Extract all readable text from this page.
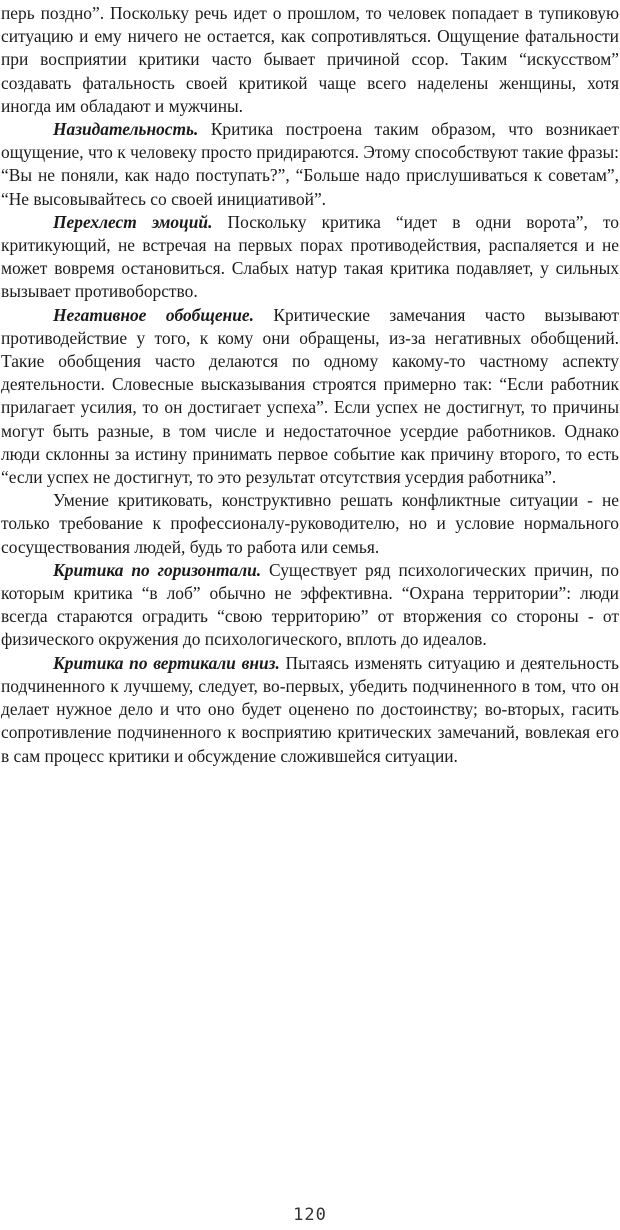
перь поздно”. Поскольку речь идет о прошлом, то человек попадает в тупиковую ситуацию и ему ничего не остается, как сопротивляться. Ощущение фатальности при восприятии критики часто бывает причиной ссор. Таким “искусством” создавать фатальность своей критикой чаще всего наделены женщины, хотя иногда им обладают и мужчины.

Назидательность. Критика построена таким образом, что возникает ощущение, что к человеку просто придираются. Этому способствуют такие фразы: “Вы не поняли, как надо поступать?”, “Больше надо прислушиваться к советам”, “Не высовывайтесь со своей инициативой”.

Перехлест эмоций. Поскольку критика “идет в одни ворота”, то критикующий, не встречая на первых порах противодействия, распаляется и не может вовремя остановиться. Слабых натур такая критика подавляет, у сильных вызывает противоборство.

Негативное обобщение. Критические замечания часто вызывают противодействие у того, к кому они обращены, из-за негативных обобщений. Такие обобщения часто делаются по одному какому-то частному аспекту деятельности. Словесные высказывания строятся примерно так: “Если работник прилагает усилия, то он достигает успеха”. Если успех не достигнут, то причины могут быть разные, в том числе и недостаточное усердие работников. Однако люди склонны за истину принимать первое событие как причину второго, то есть “если успех не достигнут, то это результат отсутствия усердия работника”.

Умение критиковать, конструктивно решать конфликтные ситуации - не только требование к профессионалу-руководителю, но и условие нормального сосуществования людей, будь то работа или семья.

Критика по горизонтали. Существует ряд психологических причин, по которым критика “в лоб” обычно не эффективна. “Охрана территории”: люди всегда стараются оградить “свою территорию” от вторжения со стороны - от физического окружения до психологического, вплоть до идеалов.

Критика по вертикали вниз. Пытаясь изменять ситуацию и деятельность подчиненного к лучшему, следует, во-первых, убедить подчиненного в том, что он делает нужное дело и что оно будет оценено по достоинству; во-вторых, гасить сопротивление подчиненного к восприятию критических замечаний, вовлекая его в сам процесс критики и обсуждение сложившейся ситуации.

120
